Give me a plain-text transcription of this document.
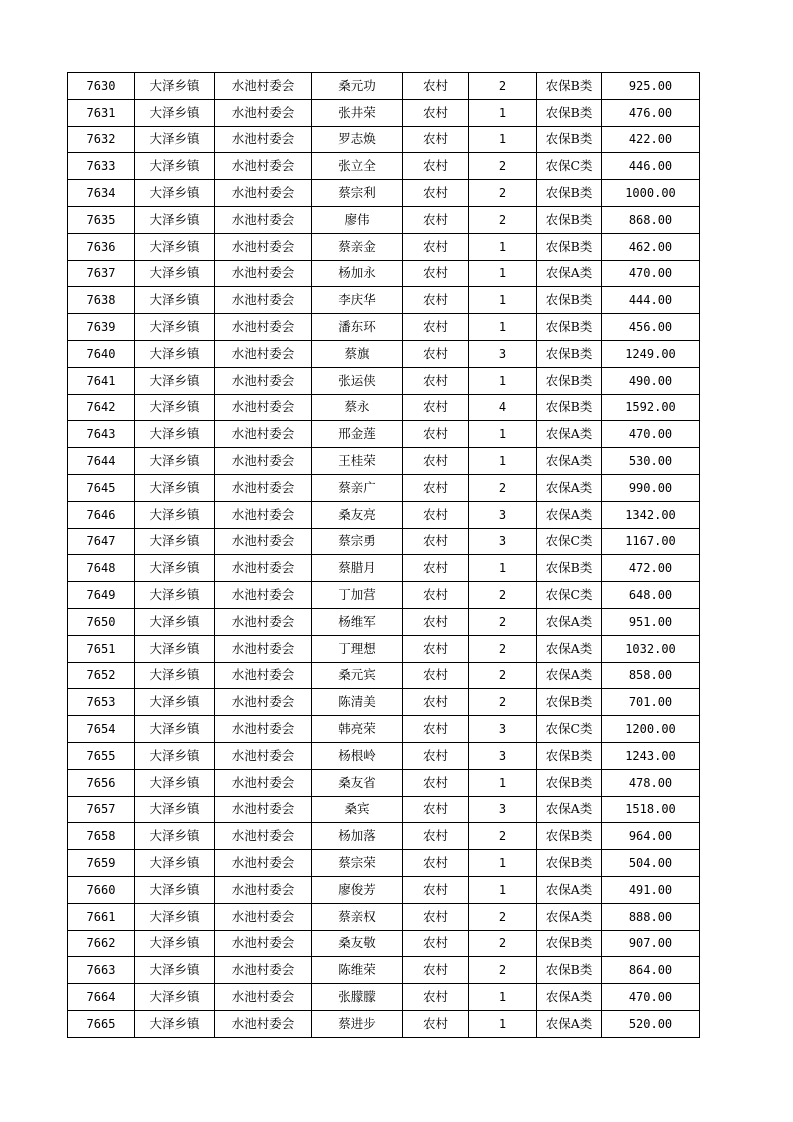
7630	大泽乡镇	水池村委会	桑元功	农村	2	农保B类	925.00
7631	大泽乡镇	水池村委会	张井荣	农村	1	农保B类	476.00
7632	大泽乡镇	水池村委会	罗志焕	农村	1	农保B类	422.00
7633	大泽乡镇	水池村委会	张立全	农村	2	农保C类	446.00
7634	大泽乡镇	水池村委会	蔡宗利	农村	2	农保B类	1000.00
7635	大泽乡镇	水池村委会	廖伟	农村	2	农保B类	868.00
7636	大泽乡镇	水池村委会	蔡亲金	农村	1	农保B类	462.00
7637	大泽乡镇	水池村委会	杨加永	农村	1	农保A类	470.00
7638	大泽乡镇	水池村委会	李庆华	农村	1	农保B类	444.00
7639	大泽乡镇	水池村委会	潘东环	农村	1	农保B类	456.00
7640	大泽乡镇	水池村委会	蔡旗	农村	3	农保B类	1249.00
7641	大泽乡镇	水池村委会	张运侠	农村	1	农保B类	490.00
7642	大泽乡镇	水池村委会	蔡永	农村	4	农保B类	1592.00
7643	大泽乡镇	水池村委会	邢金莲	农村	1	农保A类	470.00
7644	大泽乡镇	水池村委会	王桂荣	农村	1	农保A类	530.00
7645	大泽乡镇	水池村委会	蔡亲广	农村	2	农保A类	990.00
7646	大泽乡镇	水池村委会	桑友亮	农村	3	农保A类	1342.00
7647	大泽乡镇	水池村委会	蔡宗勇	农村	3	农保C类	1167.00
7648	大泽乡镇	水池村委会	蔡腊月	农村	1	农保B类	472.00
7649	大泽乡镇	水池村委会	丁加营	农村	2	农保C类	648.00
7650	大泽乡镇	水池村委会	杨维军	农村	2	农保A类	951.00
7651	大泽乡镇	水池村委会	丁理想	农村	2	农保A类	1032.00
7652	大泽乡镇	水池村委会	桑元宾	农村	2	农保A类	858.00
7653	大泽乡镇	水池村委会	陈清美	农村	2	农保B类	701.00
7654	大泽乡镇	水池村委会	韩亮荣	农村	3	农保C类	1200.00
7655	大泽乡镇	水池村委会	杨根岭	农村	3	农保B类	1243.00
7656	大泽乡镇	水池村委会	桑友省	农村	1	农保B类	478.00
7657	大泽乡镇	水池村委会	桑宾	农村	3	农保A类	1518.00
7658	大泽乡镇	水池村委会	杨加落	农村	2	农保B类	964.00
7659	大泽乡镇	水池村委会	蔡宗荣	农村	1	农保B类	504.00
7660	大泽乡镇	水池村委会	廖俊芳	农村	1	农保A类	491.00
7661	大泽乡镇	水池村委会	蔡亲权	农村	2	农保A类	888.00
7662	大泽乡镇	水池村委会	桑友敬	农村	2	农保B类	907.00
7663	大泽乡镇	水池村委会	陈维荣	农村	2	农保B类	864.00
7664	大泽乡镇	水池村委会	张朦朦	农村	1	农保A类	470.00
7665	大泽乡镇	水池村委会	蔡进步	农村	1	农保A类	520.00
